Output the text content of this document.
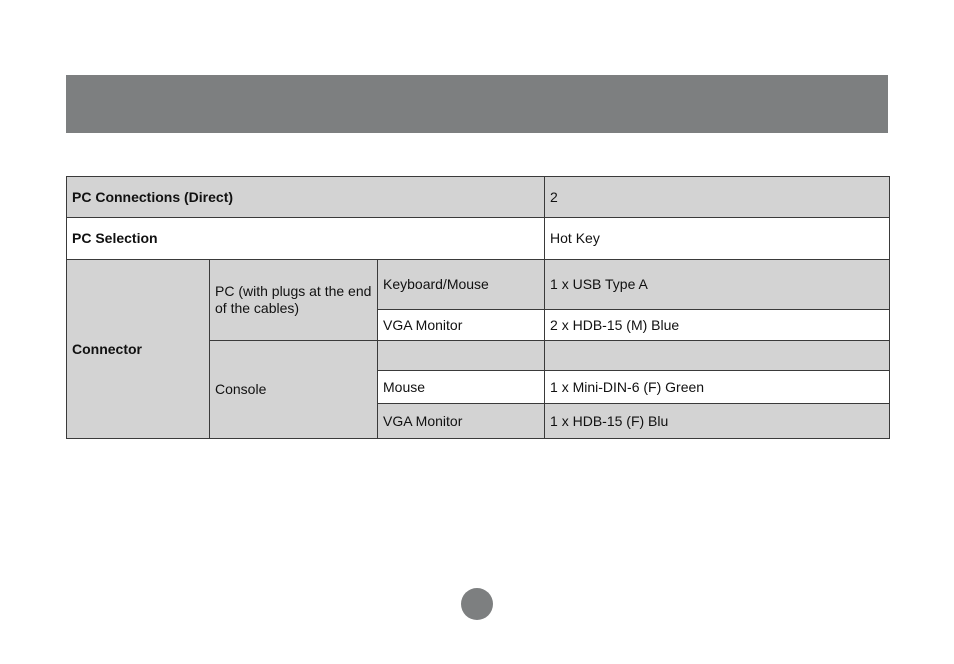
PC Connections (Direct)			2
PC Selection			Hot Key
Connector	PC (with plugs at the end of the cables)	Keyboard/Mouse	1 x USB Type A
		VGA Monitor	2 x HDB-15 (M) Blue
	Console		
		Mouse	1 x Mini-DIN-6 (F) Green
		VGA Monitor	1 x HDB-15 (F) Blu
